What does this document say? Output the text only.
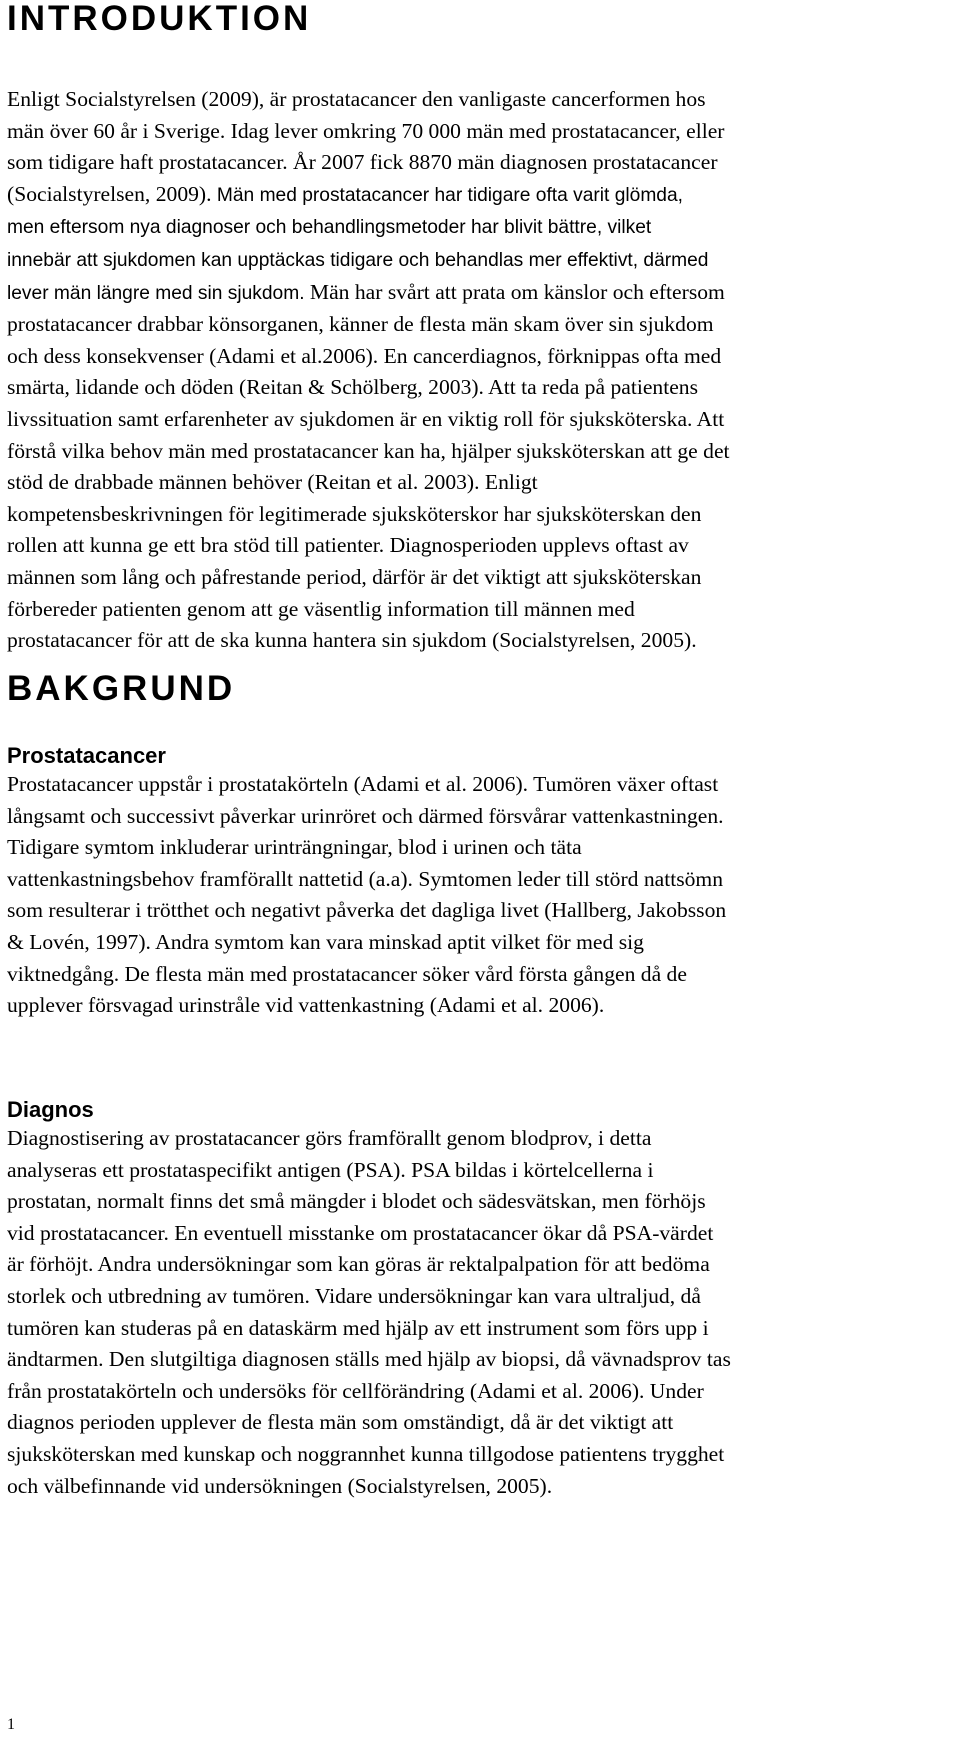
INTRODUKTION
Enligt Socialstyrelsen (2009), är prostatacancer den vanligaste cancerformen hos
män över 60 år i Sverige. Idag lever omkring 70 000 män med prostatacancer, eller
som tidigare haft prostatacancer. År 2007 fick 8870 män diagnosen prostatacancer
(Socialstyrelsen, 2009). Män med prostatacancer har tidigare ofta varit glömda,
men eftersom nya diagnoser och behandlingsmetoder har blivit bättre, vilket
innebär att sjukdomen kan upptäckas tidigare och behandlas mer effektivt, därmed
lever män längre med sin sjukdom. Män har svårt att prata om känslor och eftersom
prostatacancer drabbar könsorganen, känner de flesta män skam över sin sjukdom
och dess konsekvenser (Adami et al.2006). En cancerdiagnos, förknippas ofta med
smärta, lidande och döden (Reitan & Schölberg, 2003). Att ta reda på patientens
livssituation samt erfarenheter av sjukdomen är en viktig roll för sjuksköterska. Att
förstå vilka behov män med prostatacancer kan ha, hjälper sjuksköterskan att ge det
stöd de drabbade männen behöver (Reitan et al. 2003). Enligt
kompetensbeskrivningen för legitimerade sjuksköterskor har sjuksköterskan den
rollen att kunna ge ett bra stöd till patienter. Diagnosperioden upplevs oftast av
männen som lång och påfrestande period, därför är det viktigt att sjuksköterskan
förbereder patienten genom att ge väsentlig information till männen med
prostatacancer för att de ska kunna hantera sin sjukdom (Socialstyrelsen, 2005).
BAKGRUND
Prostatacancer
Prostatacancer uppstår i prostatakörteln (Adami et al. 2006). Tumören växer oftast
långsamt och successivt påverkar urinröret och därmed försvårar vattenkastningen.
Tidigare symtom inkluderar urinträngningar, blod i urinen och täta
vattenkastningsbehov framförallt nattetid (a.a). Symtomen leder till störd nattsömn
som resulterar i trötthet och negativt påverka det dagliga livet (Hallberg, Jakobsson
& Lovén, 1997). Andra symtom kan vara minskad aptit vilket för med sig
viktnedgång. De flesta män med prostatacancer söker vård första gången då de
upplever försvagad urinstråle vid vattenkastning (Adami et al. 2006).
Diagnos
Diagnostisering av prostatacancer görs framförallt genom blodprov, i detta
analyseras ett prostataspecifikt antigen (PSA). PSA bildas i körtelcellerna i
prostatan, normalt finns det små mängder i blodet och sädesvätskan, men förhöjs
vid prostatacancer. En eventuell misstanke om prostatacancer ökar då PSA-värdet
är förhöjt. Andra undersökningar som kan göras är rektalpalpation för att bedöma
storlek och utbredning av tumören. Vidare undersökningar kan vara ultraljud, då
tumören kan studeras på en dataskärm med hjälp av ett instrument som förs upp i
ändtarmen. Den slutgiltiga diagnosen ställs med hjälp av biopsi, då vävnadsprov tas
från prostatakörteln och undersöks för cellförändring (Adami et al. 2006). Under
diagnos perioden upplever de flesta män som omständigt, då är det viktigt att
sjuksköterskan med kunskap och noggrannhet kunna tillgodose patientens trygghet
och välbefinnande vid undersökningen (Socialstyrelsen, 2005).
1
